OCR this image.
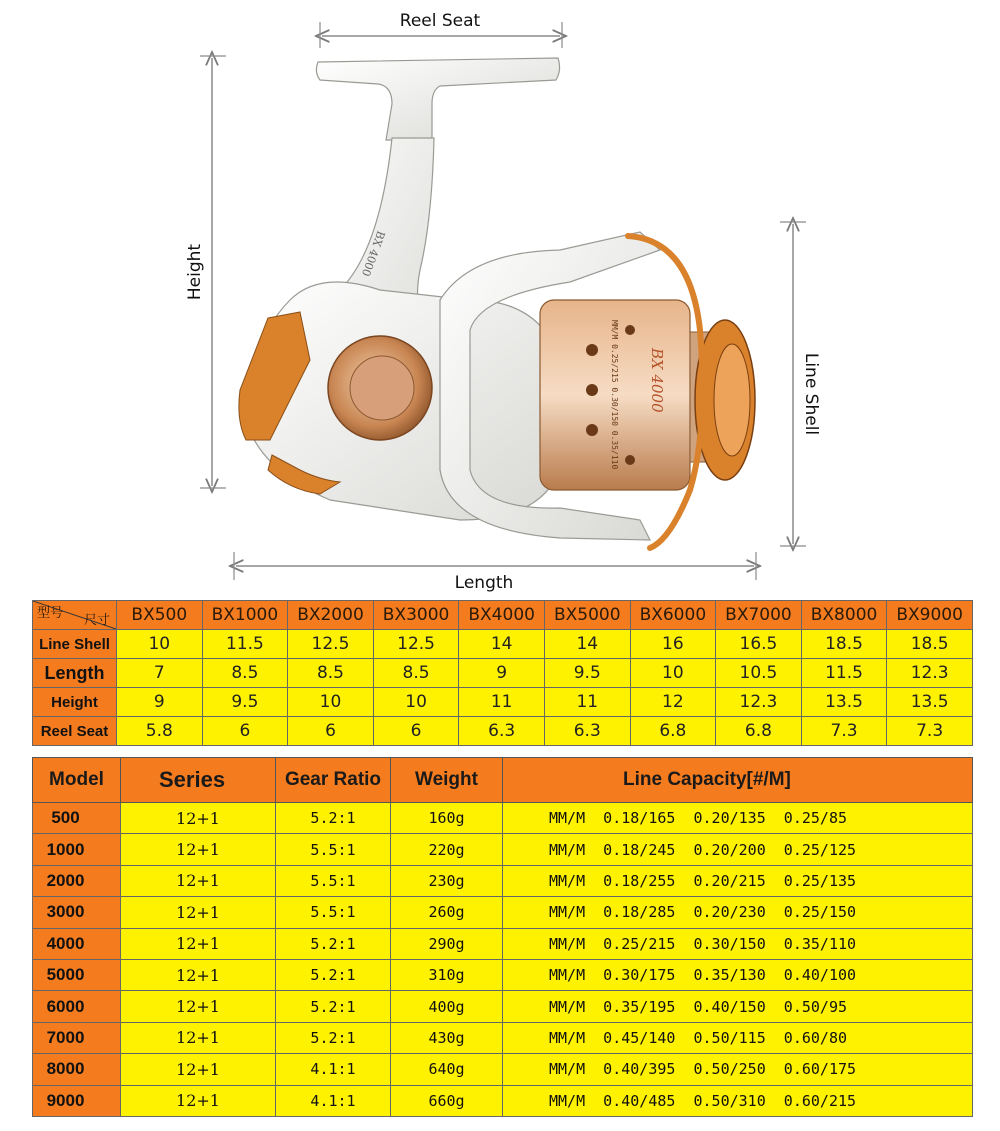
Reel Seat
Height
Line Shell
Length
BX 4000
BX 4000
MM/M 0.25/215 0.30/150 0.35/110
型号 尺寸	BX500	BX1000	BX2000	BX3000	BX4000	BX5000	BX6000	BX7000	BX8000	BX9000
Line Shell	10	11.5	12.5	12.5	14	14	16	16.5	18.5	18.5
Length	7	8.5	8.5	8.5	9	9.5	10	10.5	11.5	12.3
Height	9	9.5	10	10	11	11	12	12.3	13.5	13.5
Reel Seat	5.8	6	6	6	6.3	6.3	6.8	6.8	7.3	7.3
Model	Series	Gear Ratio	Weight	Line Capacity[#/M]
500	12+1	5.2:1	160g	MM/M  0.18/165  0.20/135  0.25/85
1000	12+1	5.5:1	220g	MM/M  0.18/245  0.20/200  0.25/125
2000	12+1	5.5:1	230g	MM/M  0.18/255  0.20/215  0.25/135
3000	12+1	5.5:1	260g	MM/M  0.18/285  0.20/230  0.25/150
4000	12+1	5.2:1	290g	MM/M  0.25/215  0.30/150  0.35/110
5000	12+1	5.2:1	310g	MM/M  0.30/175  0.35/130  0.40/100
6000	12+1	5.2:1	400g	MM/M  0.35/195  0.40/150  0.50/95
7000	12+1	5.2:1	430g	MM/M  0.45/140  0.50/115  0.60/80
8000	12+1	4.1:1	640g	MM/M  0.40/395  0.50/250  0.60/175
9000	12+1	4.1:1	660g	MM/M  0.40/485  0.50/310  0.60/215
